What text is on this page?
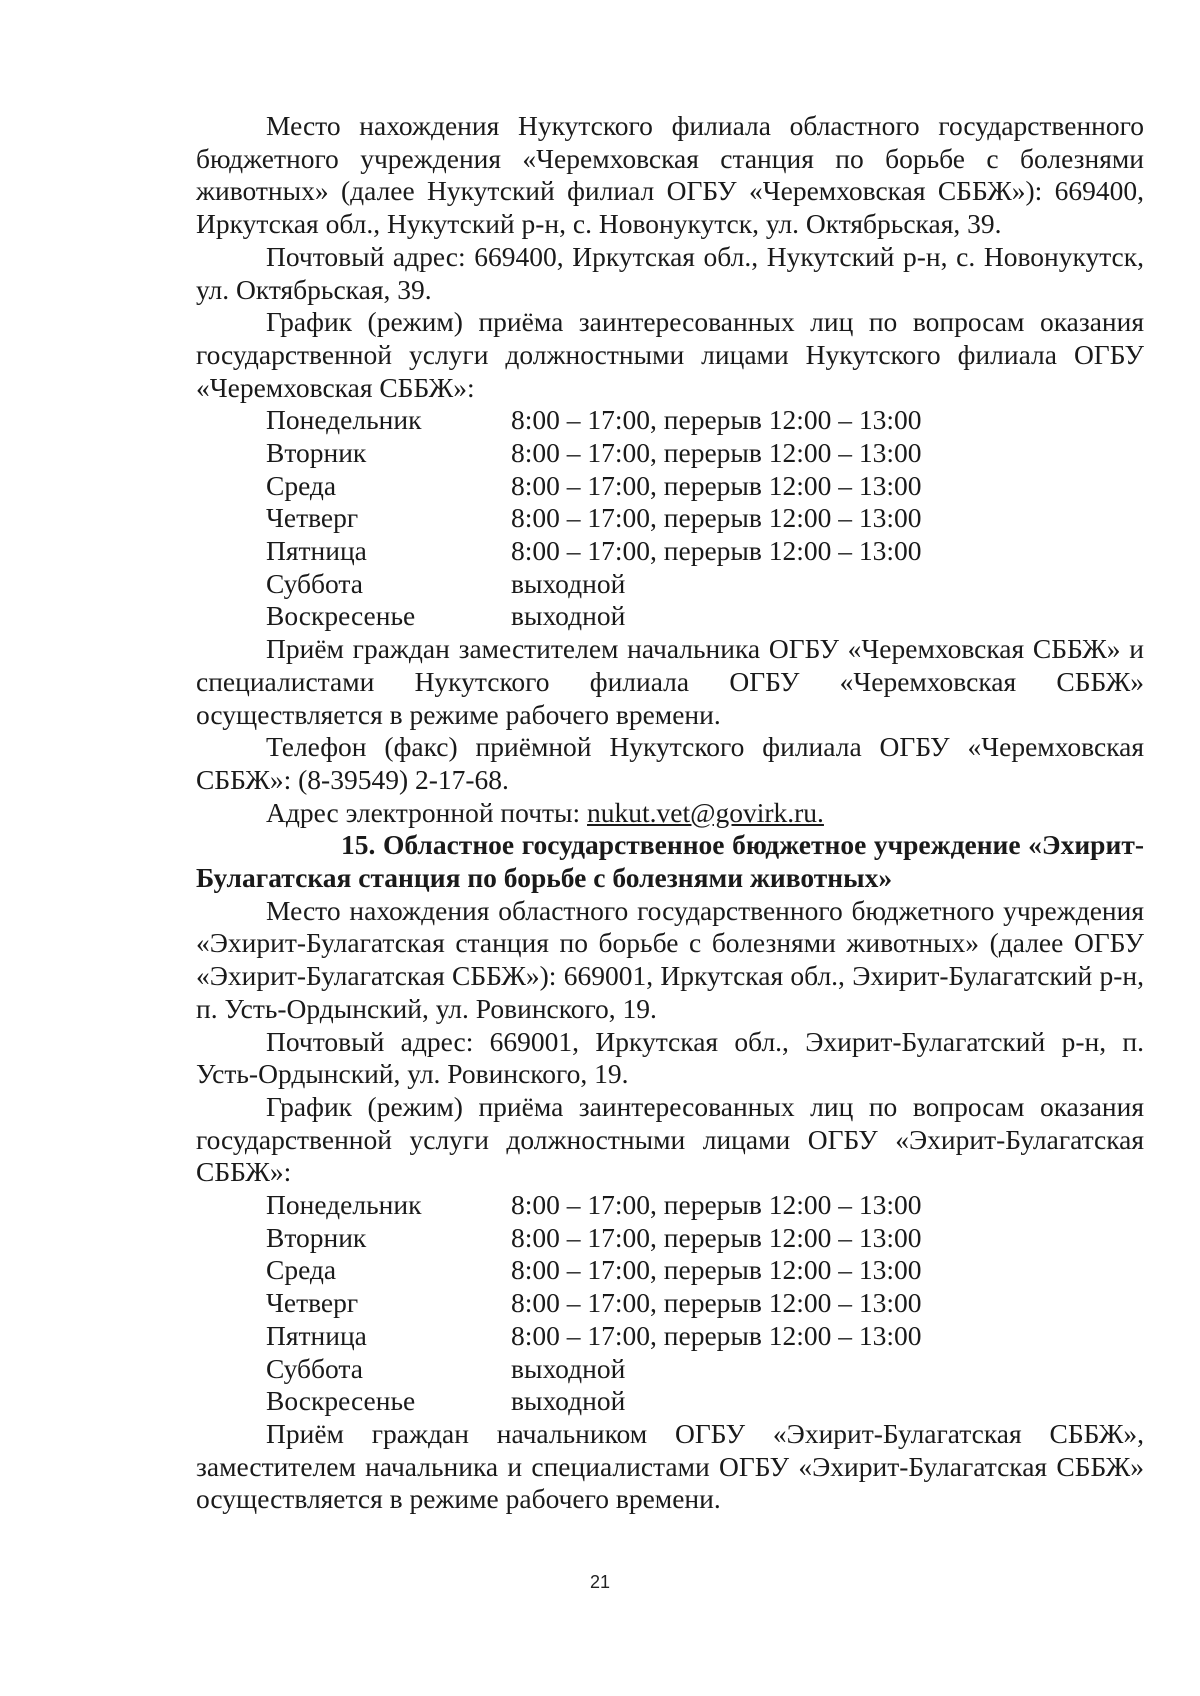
Место нахождения Нукутского филиала областного государственного бюджетного учреждения «Черемховская станция по борьбе с болезнями животных» (далее Нукутский филиал ОГБУ «Черемховская СББЖ»): 669400, Иркутская обл., Нукутский р-н, с. Новонукутск, ул. Октябрьская, 39.

Почтовый адрес: 669400, Иркутская обл., Нукутский р-н, с. Новонукутск, ул. Октябрьская, 39.

График (режим) приёма заинтересованных лиц по вопросам оказания государственной услуги должностными лицами Нукутского филиала ОГБУ «Черемховская СББЖ»:

Понедельник	8:00 – 17:00, перерыв 12:00 – 13:00
Вторник	8:00 – 17:00, перерыв 12:00 – 13:00
Среда	8:00 – 17:00, перерыв 12:00 – 13:00
Четверг	8:00 – 17:00, перерыв 12:00 – 13:00
Пятница	8:00 – 17:00, перерыв 12:00 – 13:00
Суббота	выходной
Воскресенье	выходной

Приём граждан заместителем начальника ОГБУ «Черемховская СББЖ» и специалистами Нукутского филиала ОГБУ «Черемховская СББЖ» осуществляется в режиме рабочего времени.

Телефон (факс) приёмной Нукутского филиала ОГБУ «Черемховская СББЖ»: (8-39549) 2-17-68.

Адрес электронной почты: nukut.vet@govirk.ru.

15. Областное государственное бюджетное учреждение «Эхирит-Булагатская станция по борьбе с болезнями животных»

Место нахождения областного государственного бюджетного учреждения «Эхирит-Булагатская станция по борьбе с болезнями животных» (далее ОГБУ «Эхирит-Булагатская СББЖ»): 669001, Иркутская обл., Эхирит-Булагатский р-н, п. Усть-Ордынский, ул. Ровинского, 19.

Почтовый адрес: 669001, Иркутская обл., Эхирит-Булагатский р-н, п. Усть-Ордынский, ул. Ровинского, 19.

График (режим) приёма заинтересованных лиц по вопросам оказания государственной услуги должностными лицами ОГБУ «Эхирит-Булагатская СББЖ»:

Понедельник	8:00 – 17:00, перерыв 12:00 – 13:00
Вторник	8:00 – 17:00, перерыв 12:00 – 13:00
Среда	8:00 – 17:00, перерыв 12:00 – 13:00
Четверг	8:00 – 17:00, перерыв 12:00 – 13:00
Пятница	8:00 – 17:00, перерыв 12:00 – 13:00
Суббота	выходной
Воскресенье	выходной

Приём граждан начальником ОГБУ «Эхирит-Булагатская СББЖ», заместителем начальника и специалистами ОГБУ «Эхирит-Булагатская СББЖ» осуществляется в режиме рабочего времени.

21
